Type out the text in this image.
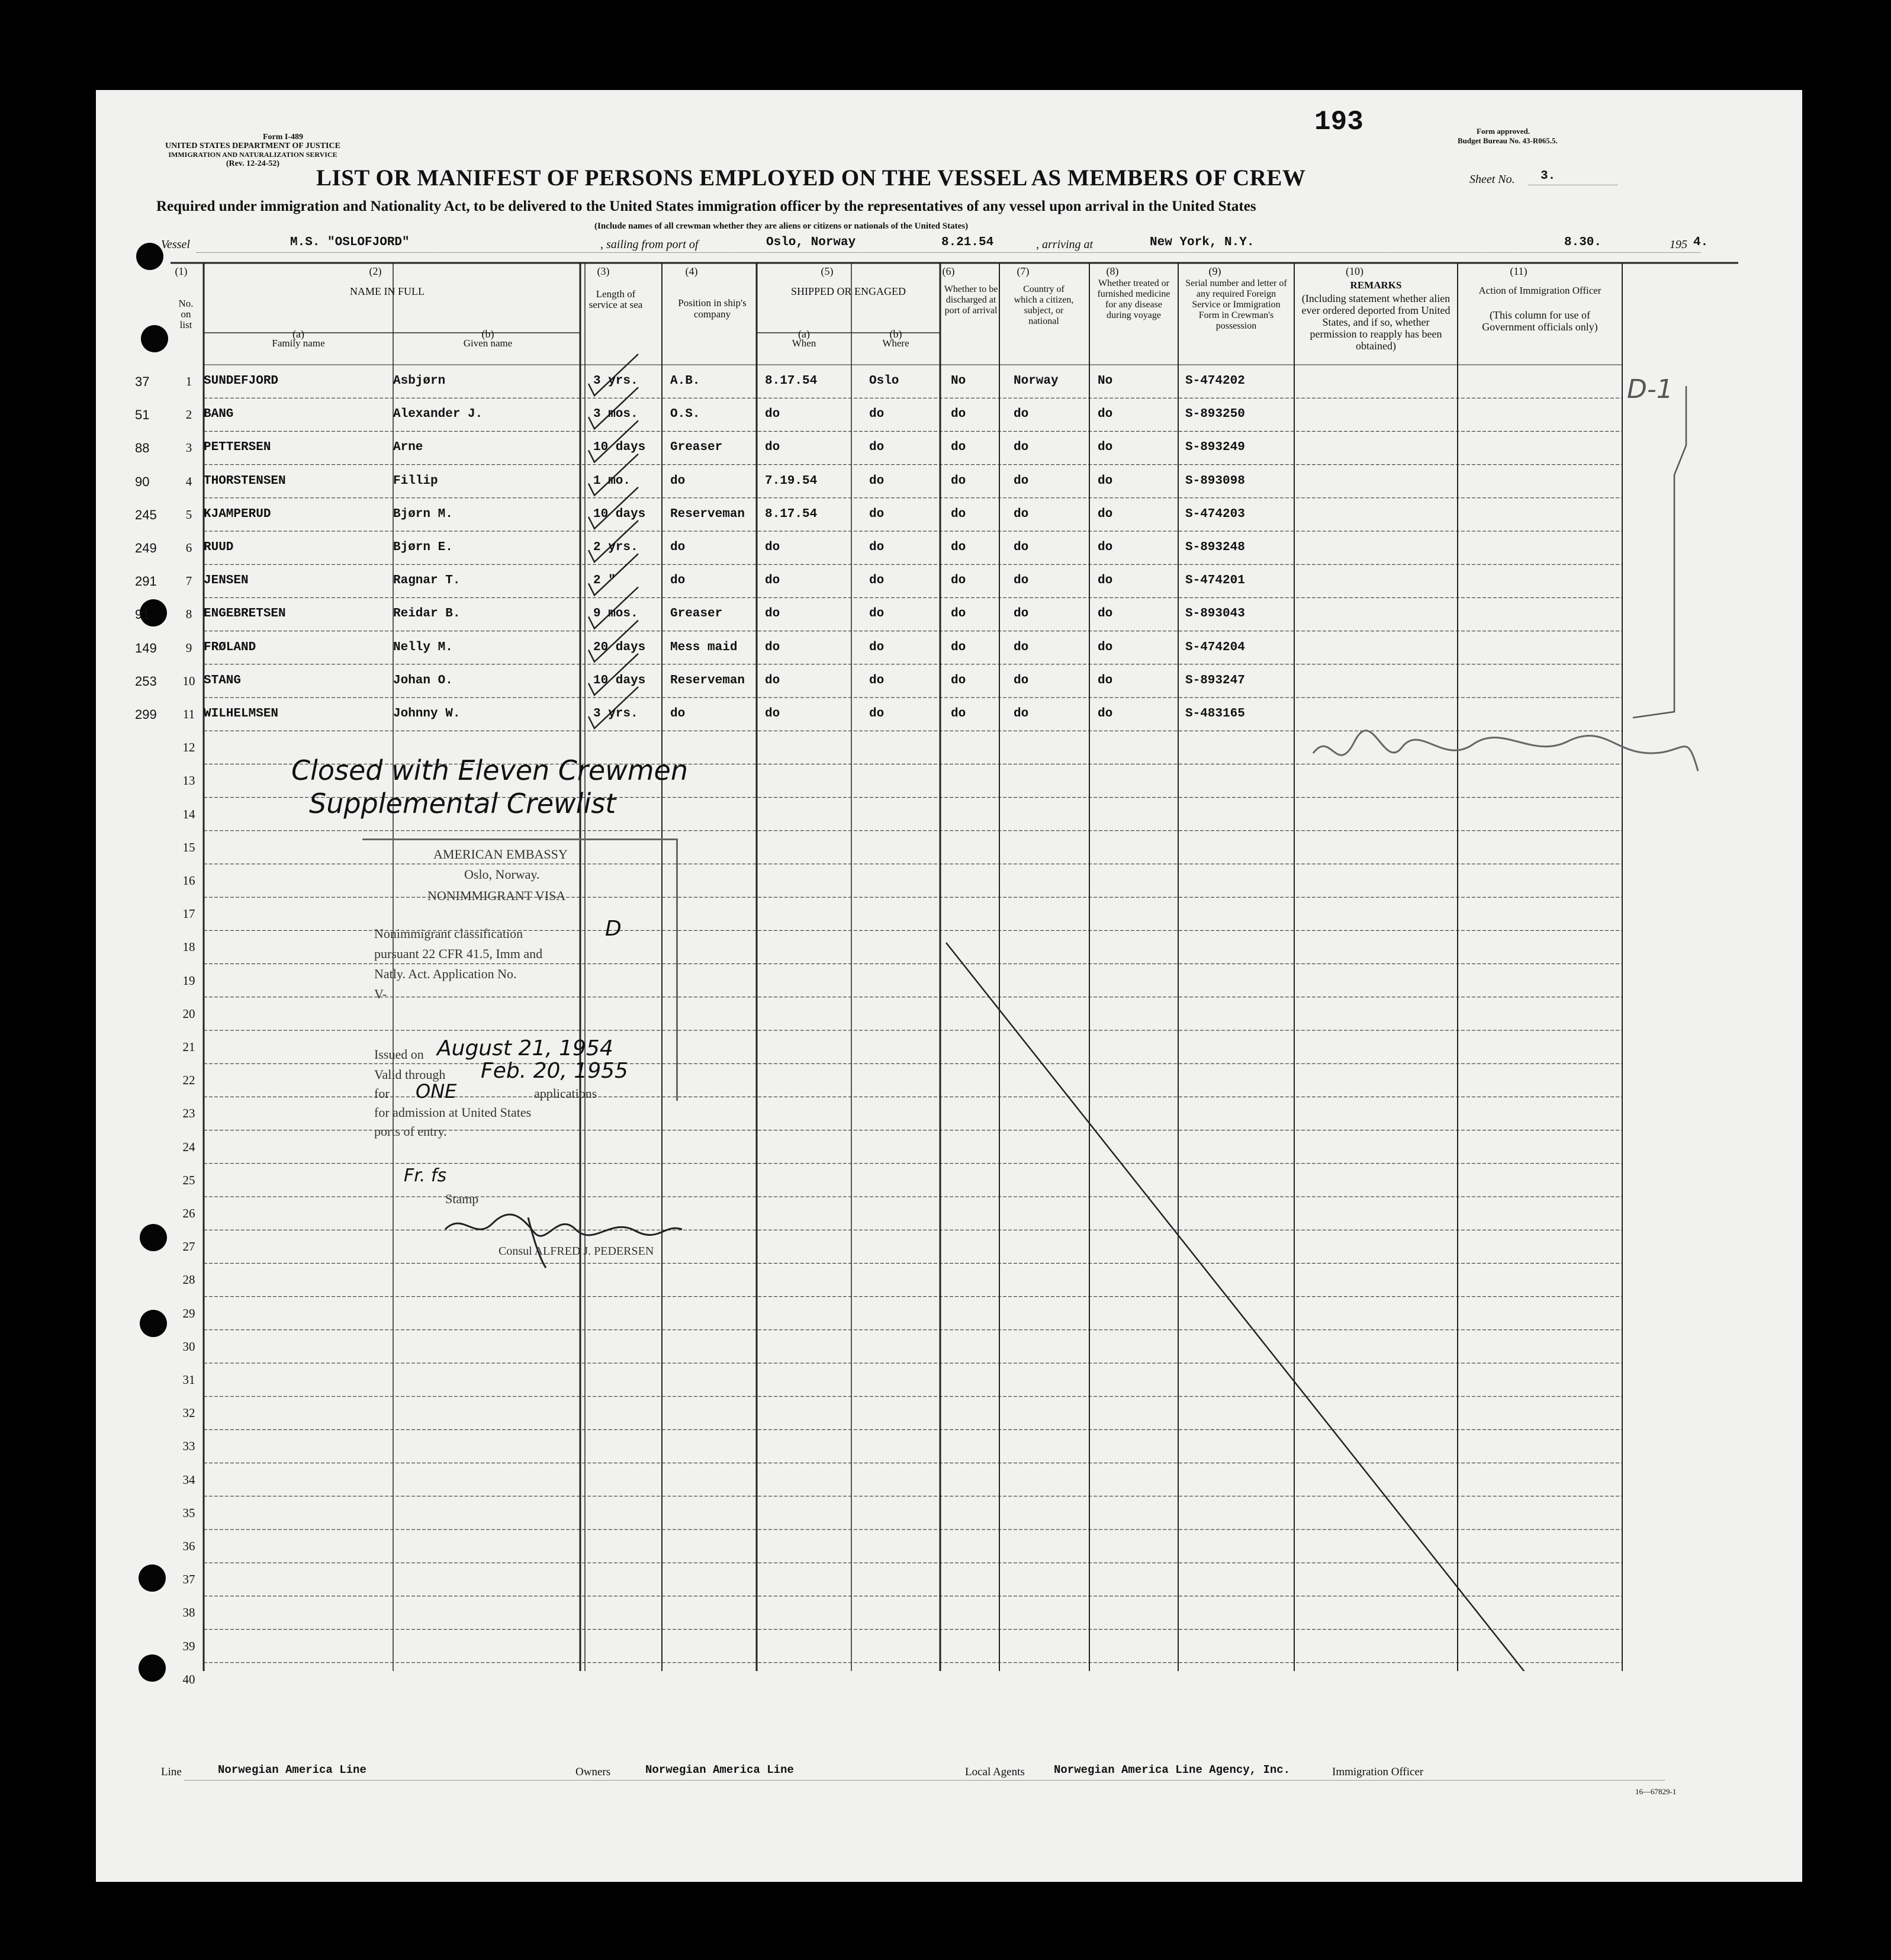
Form I-489
UNITED STATES DEPARTMENT OF JUSTICE
IMMIGRATION AND NATURALIZATION SERVICE
(Rev. 12-24-52)
193	Form approved.
Budget Bureau No. 43-R065.5.
LIST OR MANIFEST OF PERSONS EMPLOYED ON THE VESSEL AS MEMBERS OF CREW	Sheet No. 3.
Required under immigration and Nationality Act, to be delivered to the United States immigration officer by the representatives of any vessel upon arrival in the United States
(Include names of all crewman whether they are aliens or citizens or nationals of the United States)
Vessel	M.S. "OSLOFJORD"	, sailing from port of	Oslo, Norway	8.21.54	, arriving at	New York, N.Y.	8.30.	195 4.
(1)	(2)	(3)	(4)	(5)	(6)	(7)	(8)	(9)	(10)	(11)
No. on list
NAME IN FULL
(a)
Family name
(b)
Given name
Length of service at sea	Position in ship's company
SHIPPED OR ENGAGED
(a)
When
(b)
Where
Whether to be discharged at port of arrival
Country of which a citizen, subject, or national
Whether treated or furnished medicine for any disease during voyage
Serial number and letter of any required Foreign Service or Immigration Form in Crewman's possession
REMARKS
(Including statement whether alien ever ordered deported from United States, and if so, whether permission to reapply has been obtained)
Action of Immigration Officer
(This column for use of Government officials only)
37	1 SUNDEFJORD	Asbjørn	3 yrs.	A.B.	8.17.54	Oslo	No	Norway	No	S-474202
51	2 BANG	Alexander J.	3 mos.	O.S.	do	do	do	do	do	S-893250
88	3 PETTERSEN	Arne	10 days Greaser	do	do	do	do	do	S-893249
90	4 THORSTENSEN	Fillip	1 mo.	do	7.19.54	do	do	do	do	S-893098
245	5 KJAMPERUD	Bjørn M.	10 days Reserveman 8.17.54	do	do	do	do	S-474203
249	6 RUUD	Bjørn E.	2 yrs.	do	do	do	do	do	do	S-893248
291	7 JENSEN	Ragnar T.	2 "	do	do	do	do	do	do	S-474201
91	8 ENGEBRETSEN	Reidar B.	9 mos.	Greaser	do	do	do	do	do	S-893043
149	9 FRØLAND	Nelly M.	20 days Mess maid do	do	do	do	do	S-474204
253	10 STANG	Johan O.	10 days Reserveman do	do	do	do	do	S-893247
299	11 WILHELMSEN	Johnny W.	3 yrs.	do	do	do	do	do	do	S-483165
12
13
14
15
16
17
18
19
20
21
22
23
24
25
26
27
28
29
30
31
32
33
34
35
36
37
38
39
40
Closed with Eleven Crewmen
Supplemental Crewlist
D-1
AMERICAN EMBASSY
Oslo, Norway.
NONIMMIGRANT VISA
Nonimmigrant classification	D
pursuant 22 CFR 41.5, Imm and
Natly. Act. Application No.
V-
Issued on August 21, 1954
Valid through Feb. 20, 1955
for ONE	applications
for admission at United States
ports of entry.
Fr. fs
Stamp
Consul ALFRED J. PEDERSEN
Line	Norwegian America Line	Owners	Norwegian America Line	Local Agents	Norwegian America Line Agency, Inc.	Immigration Officer
16—67829-1
